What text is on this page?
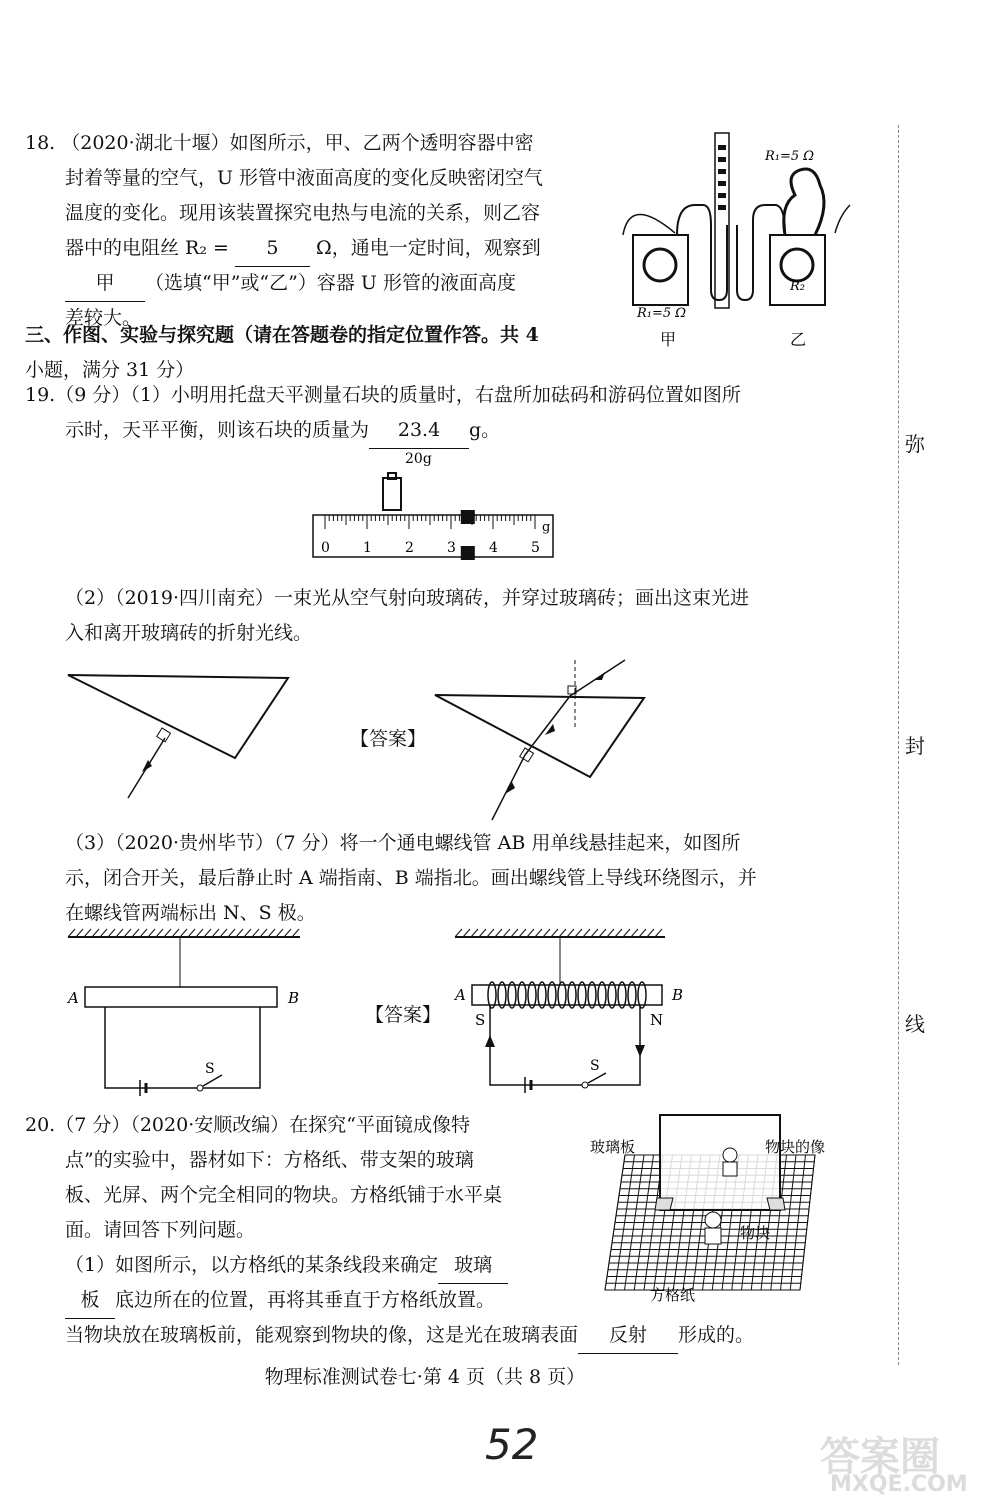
弥
封
线
18. （2020·湖北十堰）如图所示，甲、乙两个透明容器中密
封着等量的空气，U 形管中液面高度的变化反映密闭空气
温度的变化。现用该装置探究电热与电流的关系，则乙容
器中的电阻丝 R₂ = 5 Ω，通电一定时间，观察到
甲 （选填“甲”或“乙”）容器 U 形管的液面高度
差较大。
R₁=5 Ω
R₁=5 Ω
R₂
甲	乙
三、作图、实验与探究题（请在答题卷的指定位置作答。共 4
小题，满分 31 分）
19.（9 分）（1）小明用托盘天平测量石块的质量时，右盘所加砝码和游码位置如图所
示时，天平平衡，则该石块的质量为 23.4 g。
20g
0 1 2 3 4 5
g
（2）（2019·四川南充）一束光从空气射向玻璃砖，并穿过玻璃砖；画出这束光进
入和离开玻璃砖的折射光线。
【答案】
（3）（2020·贵州毕节）（7 分）将一个通电螺线管 AB 用单线悬挂起来，如图所
示，闭合开关，最后静止时 A 端指南、B 端指北。画出螺线管上导线环绕图示，并
在螺线管两端标出 N、S 极。
A	B
S
A	B
S	N
S
【答案】
20.（7 分）（2020·安顺改编）在探究“平面镜成像特
点”的实验中，器材如下：方格纸、带支架的玻璃
板、光屏、两个完全相同的物块。方格纸铺于水平桌
面。请回答下列问题。
（1）如图所示，以方格纸的某条线段来确定 玻璃
板 底边所在的位置，再将其垂直于方格纸放置。
当物块放在玻璃板前，能观察到物块的像，这是光在玻璃表面 反射 形成的。
玻璃板	物块的像
物块
方格纸
物理标准测试卷七·第 4 页（共 8 页）
52	答案圈
MXQE.COM
